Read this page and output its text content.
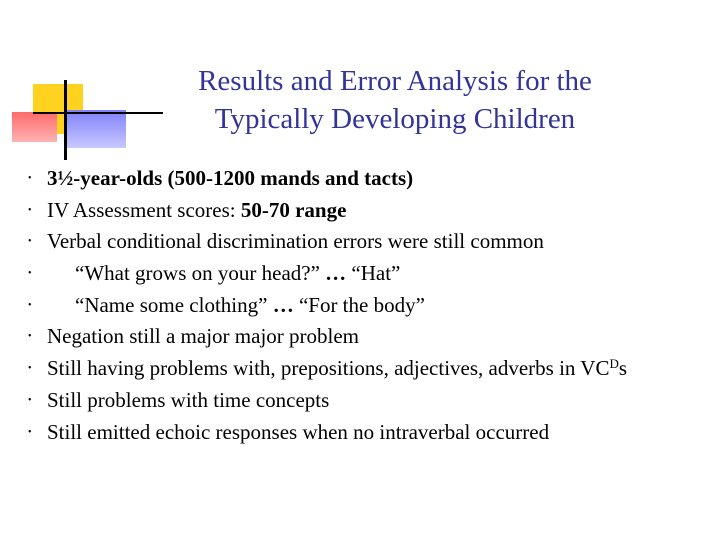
Results and Error Analysis for the
Typically Developing Children
• 3½-year-olds (500-1200 mands and tacts)
• IV Assessment scores: 50-70 range
• Verbal conditional discrimination errors were still common
• “What grows on your head?” … “Hat”
• “Name some clothing” … “For the body”
• Negation still a major major problem
• Still having problems with, prepositions, adjectives, adverbs in $VC^Ds$
• Still problems with time concepts
• Still emitted echoic responses when no intraverbal occurred
